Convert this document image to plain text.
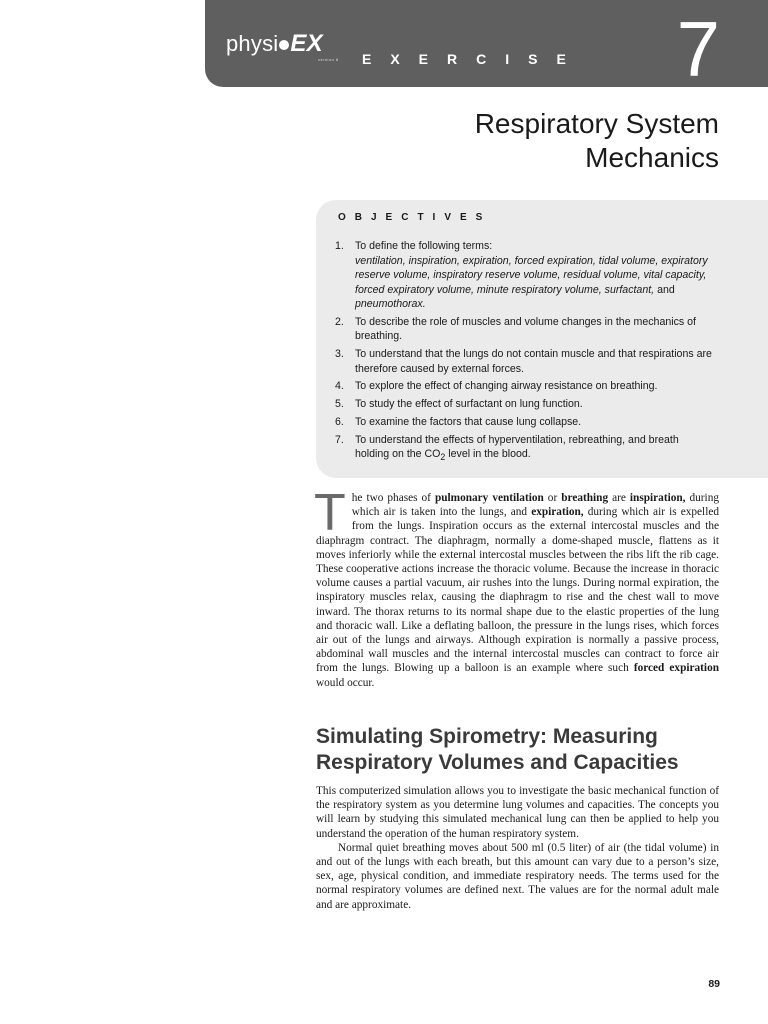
physi EX
version 8 EXERCISE 7
Respiratory System
Mechanics
OBJECTIVES
1. To define the following terms:
ventilation, inspiration, expiration, forced expiration, tidal volume, expiratory reserve volume, inspiratory reserve volume, residual volume, vital capacity, forced expiratory volume, minute respiratory volume, surfactant, and pneumothorax.
2. To describe the role of muscles and volume changes in the mechanics of breathing.
3. To understand that the lungs do not contain muscle and that respirations are therefore caused by external forces.
4. To explore the effect of changing airway resistance on breathing.
5. To study the effect of surfactant on lung function.
6. To examine the factors that cause lung collapse.
7. To understand the effects of hyperventilation, rebreathing, and breath holding on the $CO_2$ level in the blood.

The two phases of pulmonary ventilation or breathing are inspiration, during which air is taken into the lungs, and expiration, during which air is expelled from the lungs. Inspiration occurs as the external intercostal muscles and the diaphragm contract. The diaphragm, normally a dome-shaped muscle, flattens as it moves inferiorly while the external intercostal muscles between the ribs lift the rib cage. These cooperative actions increase the thoracic volume. Because the increase in thoracic volume causes a partial vacuum, air rushes into the lungs. During normal expiration, the inspiratory muscles relax, causing the diaphragm to rise and the chest wall to move inward. The thorax returns to its normal shape due to the elastic properties of the lung and thoracic wall. Like a deflating balloon, the pressure in the lungs rises, which forces air out of the lungs and airways. Although expiration is normally a passive process, abdominal wall muscles and the internal intercostal muscles can contract to force air from the lungs. Blowing up a balloon is an example where such forced expiration would occur.

Simulating Spirometry: Measuring Respiratory Volumes and Capacities
This computerized simulation allows you to investigate the basic mechanical function of the respiratory system as you determine lung volumes and capacities. The concepts you will learn by studying this simulated mechanical lung can then be applied to help you understand the operation of the human respiratory system.
Normal quiet breathing moves about 500 ml (0.5 liter) of air (the tidal volume) in and out of the lungs with each breath, but this amount can vary due to a person’s size, sex, age, physical condition, and immediate respiratory needs. The terms used for the normal respiratory volumes are defined next. The values are for the normal adult male and are approximate.
89
